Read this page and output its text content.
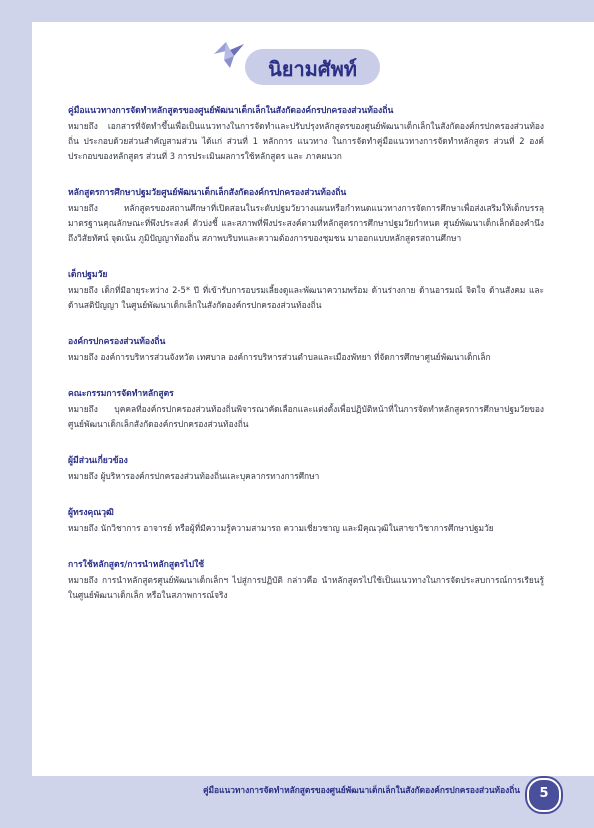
นิยามศัพท์
คู่มือแนวทางการจัดทำหลักสูตรของศูนย์พัฒนาเด็กเล็กในสังกัดองค์กรปกครองส่วนท้องถิ่น
หมายถึง เอกสารที่จัดทำขึ้นเพื่อเป็นแนวทางในการจัดทำและปรับปรุงหลักสูตรของศูนย์พัฒนาเด็กเล็กในสังกัดองค์กรปกครองส่วนท้องถิ่น ประกอบด้วยส่วนสำคัญสามส่วน ได้แก่ ส่วนที่ 1 หลักการ แนวทาง ในการจัดทำคู่มือแนวทางการจัดทำหลักสูตร ส่วนที่ 2 องค์ประกอบของหลักสูตร ส่วนที่ 3 การประเมินผลการใช้หลักสูตร และ ภาคผนวก
หลักสูตรการศึกษาปฐมวัยศูนย์พัฒนาเด็กเล็กสังกัดองค์กรปกครองส่วนท้องถิ่น
หมายถึง หลักสูตรของสถานศึกษาที่เปิดสอนในระดับปฐมวัยวางแผนหรือกำหนดแนวทางการจัดการศึกษาเพื่อส่งเสริมให้เด็กบรรลุมาตรฐานคุณลักษณะที่พึงประสงค์ ตัวบ่งชี้ และสภาพที่พึงประสงค์ตามที่หลักสูตรการศึกษาปฐมวัยกำหนด ศูนย์พัฒนาเด็กเล็กต้องคำนึงถึงวิสัยทัศน์ จุดเน้น ภูมิปัญญาท้องถิ่น สภาพบริบทและความต้องการของชุมชน มาออกแบบหลักสูตรสถานศึกษา
เด็กปฐมวัย
หมายถึง เด็กที่มีอายุระหว่าง 2-5* ปี ที่เข้ารับการอบรมเลี้ยงดูและพัฒนาความพร้อม ด้านร่างกาย ด้านอารมณ์ จิตใจ ด้านสังคม และด้านสติปัญญา ในศูนย์พัฒนาเด็กเล็กในสังกัดองค์กรปกครองส่วนท้องถิ่น
องค์กรปกครองส่วนท้องถิ่น
หมายถึง องค์การบริหารส่วนจังหวัด เทศบาล องค์การบริหารส่วนตำบลและเมืองพัทยา ที่จัดการศึกษาศูนย์พัฒนาเด็กเล็ก
คณะกรรมการจัดทำหลักสูตร
หมายถึง บุคคลที่องค์กรปกครองส่วนท้องถิ่นพิจารณาคัดเลือกและแต่งตั้งเพื่อปฏิบัติหน้าที่ในการจัดทำหลักสูตรการศึกษาปฐมวัยของศูนย์พัฒนาเด็กเล็กสังกัดองค์กรปกครองส่วนท้องถิ่น
ผู้มีส่วนเกี่ยวข้อง
หมายถึง ผู้บริหารองค์กรปกครองส่วนท้องถิ่นและบุคลากรทางการศึกษา
ผู้ทรงคุณวุฒิ
หมายถึง นักวิชาการ อาจารย์ หรือผู้ที่มีความรู้ความสามารถ ความเชี่ยวชาญ และมีคุณวุฒิในสาขาวิชาการศึกษาปฐมวัย
การใช้หลักสูตร/การนำหลักสูตรไปใช้
หมายถึง การนำหลักสูตรศูนย์พัฒนาเด็กเล็กฯ ไปสู่การปฏิบัติ กล่าวคือ นำหลักสูตรไปใช้เป็นแนวทางในการจัดประสบการณ์การเรียนรู้ในศูนย์พัฒนาเด็กเล็ก หรือในสภาพการณ์จริง
คู่มือแนวทางการจัดทำหลักสูตรของศูนย์พัฒนาเด็กเล็กในสังกัดองค์กรปกครองส่วนท้องถิ่น	5
